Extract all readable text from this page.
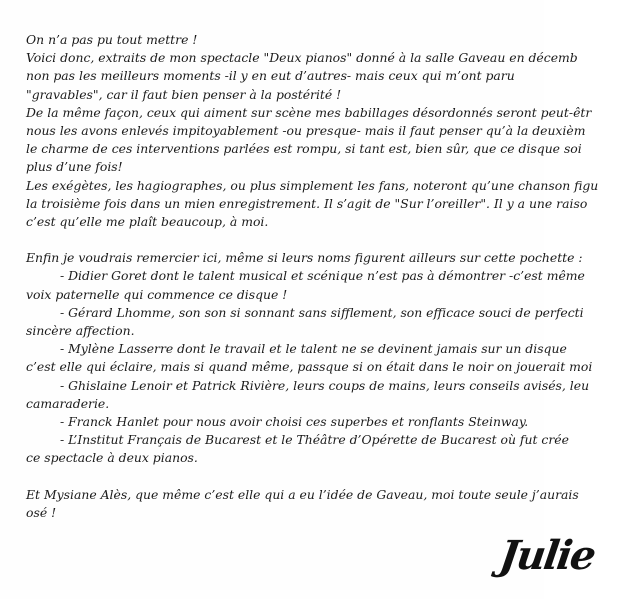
On n’a pas pu tout mettre !
Voici donc, extraits de mon spectacle "Deux pianos" donné à la salle Gaveau en décemb
non pas les meilleurs moments -il y en eut d’autres- mais ceux qui m’ont paru
"gravables", car il faut bien penser à la postérité !
De la même façon, ceux qui aiment sur scène mes babillages désordonnés seront peut-êtr
nous les avons enlevés impitoyablement -ou presque- mais il faut penser qu’à la deuxièm
le charme de ces interventions parlées est rompu, si tant est, bien sûr, que ce disque soi
plus d’une fois!
Les exégètes, les hagiographes, ou plus simplement les fans, noteront qu’une chanson figu
la troisième fois dans un mien enregistrement. Il s’agit de "Sur l’oreiller". Il y a une raiso
c’est qu’elle me plaît beaucoup, à moi.
Enfin je voudrais remercier ici, même si leurs noms figurent ailleurs sur cette pochette :
- Didier Goret dont le talent musical et scénique n’est pas à démontrer -c’est même
voix paternelle qui commence ce disque !
- Gérard Lhomme, son son si sonnant sans sifflement, son efficace souci de perfecti
sincère affection.
- Mylène Lasserre dont le travail et le talent ne se devinent jamais sur un disque
c’est elle qui éclaire, mais si quand même, passque si on était dans le noir on jouerait moi
- Ghislaine Lenoir et Patrick Rivière, leurs coups de mains, leurs conseils avisés, leu
camaraderie.
- Franck Hanlet pour nous avoir choisi ces superbes et ronflants Steinway.
- L’Institut Français de Bucarest et le Théâtre d’Opérette de Bucarest où fut crée
ce spectacle à deux pianos.
Et Mysiane Alès, que même c’est elle qui a eu l’idée de Gaveau, moi toute seule j’aurais
osé !
Julie
